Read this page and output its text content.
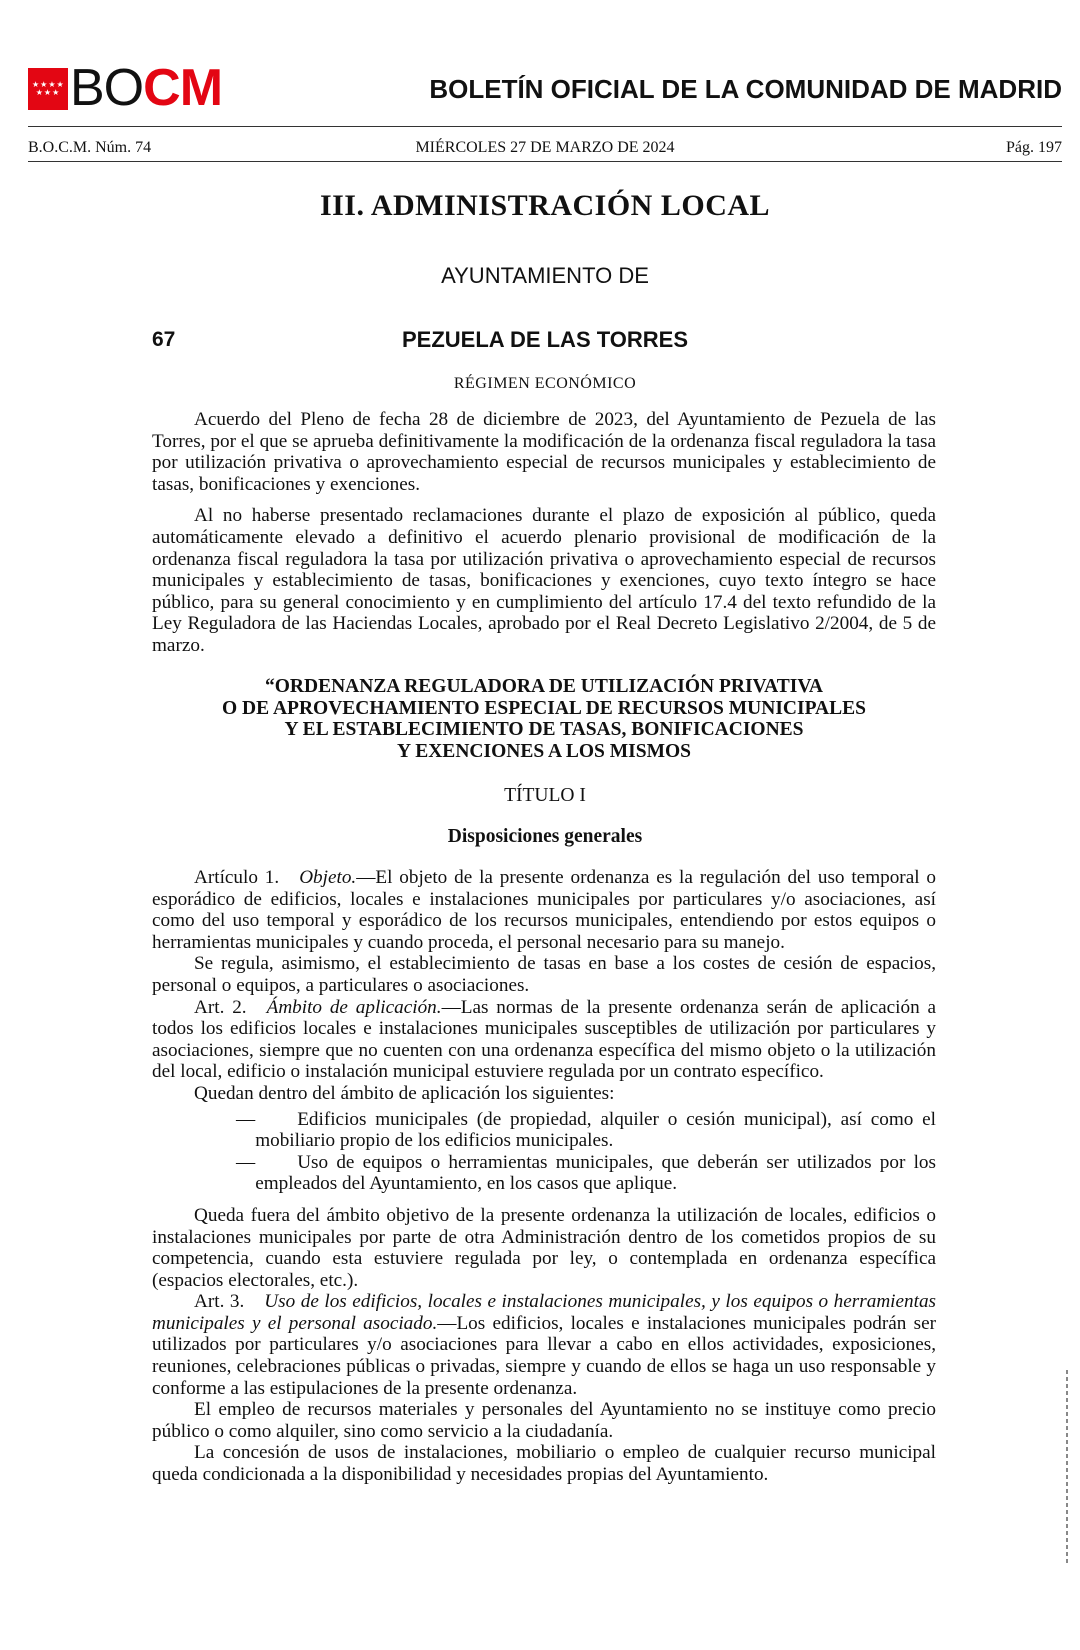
★★★★ ★★★ BOCM	BOLETÍN OFICIAL DE LA COMUNIDAD DE MADRID
B.O.C.M. Núm. 74	MIÉRCOLES 27 DE MARZO DE 2024	Pág. 197
III. ADMINISTRACIÓN LOCAL
AYUNTAMIENTO DE
67	PEZUELA DE LAS TORRES
RÉGIMEN ECONÓMICO

Acuerdo del Pleno de fecha 28 de diciembre de 2023, del Ayuntamiento de Pezuela de las Torres, por el que se aprueba definitivamente la modificación de la ordenanza fiscal reguladora la tasa por utilización privativa o aprovechamiento especial de recursos municipales y establecimiento de tasas, bonificaciones y exenciones.

Al no haberse presentado reclamaciones durante el plazo de exposición al público, queda automáticamente elevado a definitivo el acuerdo plenario provisional de modificación de la ordenanza fiscal reguladora la tasa por utilización privativa o aprovechamiento especial de recursos municipales y establecimiento de tasas, bonificaciones y exenciones, cuyo texto íntegro se hace público, para su general conocimiento y en cumplimiento del artículo 17.4 del texto refundido de la Ley Reguladora de las Haciendas Locales, aprobado por el Real Decreto Legislativo 2/2004, de 5 de marzo.

“ORDENANZA REGULADORA DE UTILIZACIÓN PRIVATIVA
O DE APROVECHAMIENTO ESPECIAL DE RECURSOS MUNICIPALES
Y EL ESTABLECIMIENTO DE TASAS, BONIFICACIONES
Y EXENCIONES A LOS MISMOS
TÍTULO I
Disposiciones generales

Artículo 1. Objeto.—El objeto de la presente ordenanza es la regulación del uso temporal o esporádico de edificios, locales e instalaciones municipales por particulares y/o asociaciones, así como del uso temporal y esporádico de los recursos municipales, entendiendo por estos equipos o herramientas municipales y cuando proceda, el personal necesario para su manejo.

Se regula, asimismo, el establecimiento de tasas en base a los costes de cesión de espacios, personal o equipos, a particulares o asociaciones.

Art. 2. Ámbito de aplicación.—Las normas de la presente ordenanza serán de aplicación a todos los edificios locales e instalaciones municipales susceptibles de utilización por particulares y asociaciones, siempre que no cuenten con una ordenanza específica del mismo objeto o la utilización del local, edificio o instalación municipal estuviere regulada por un contrato específico.

Quedan dentro del ámbito de aplicación los siguientes:

—	Edificios municipales (de propiedad, alquiler o cesión municipal), así como el mobiliario propio de los edificios municipales.

—	Uso de equipos o herramientas municipales, que deberán ser utilizados por los empleados del Ayuntamiento, en los casos que aplique.

Queda fuera del ámbito objetivo de la presente ordenanza la utilización de locales, edificios o instalaciones municipales por parte de otra Administración dentro de los cometidos propios de su competencia, cuando esta estuviere regulada por ley, o contemplada en ordenanza específica (espacios electorales, etc.).

Art. 3. Uso de los edificios, locales e instalaciones municipales, y los equipos o herramientas municipales y el personal asociado.—Los edificios, locales e instalaciones municipales podrán ser utilizados por particulares y/o asociaciones para llevar a cabo en ellos actividades, exposiciones, reuniones, celebraciones públicas o privadas, siempre y cuando de ellos se haga un uso responsable y conforme a las estipulaciones de la presente ordenanza.

El empleo de recursos materiales y personales del Ayuntamiento no se instituye como precio público o como alquiler, sino como servicio a la ciudadanía.

La concesión de usos de instalaciones, mobiliario o empleo de cualquier recurso municipal queda condicionada a la disponibilidad y necesidades propias del Ayuntamiento.
